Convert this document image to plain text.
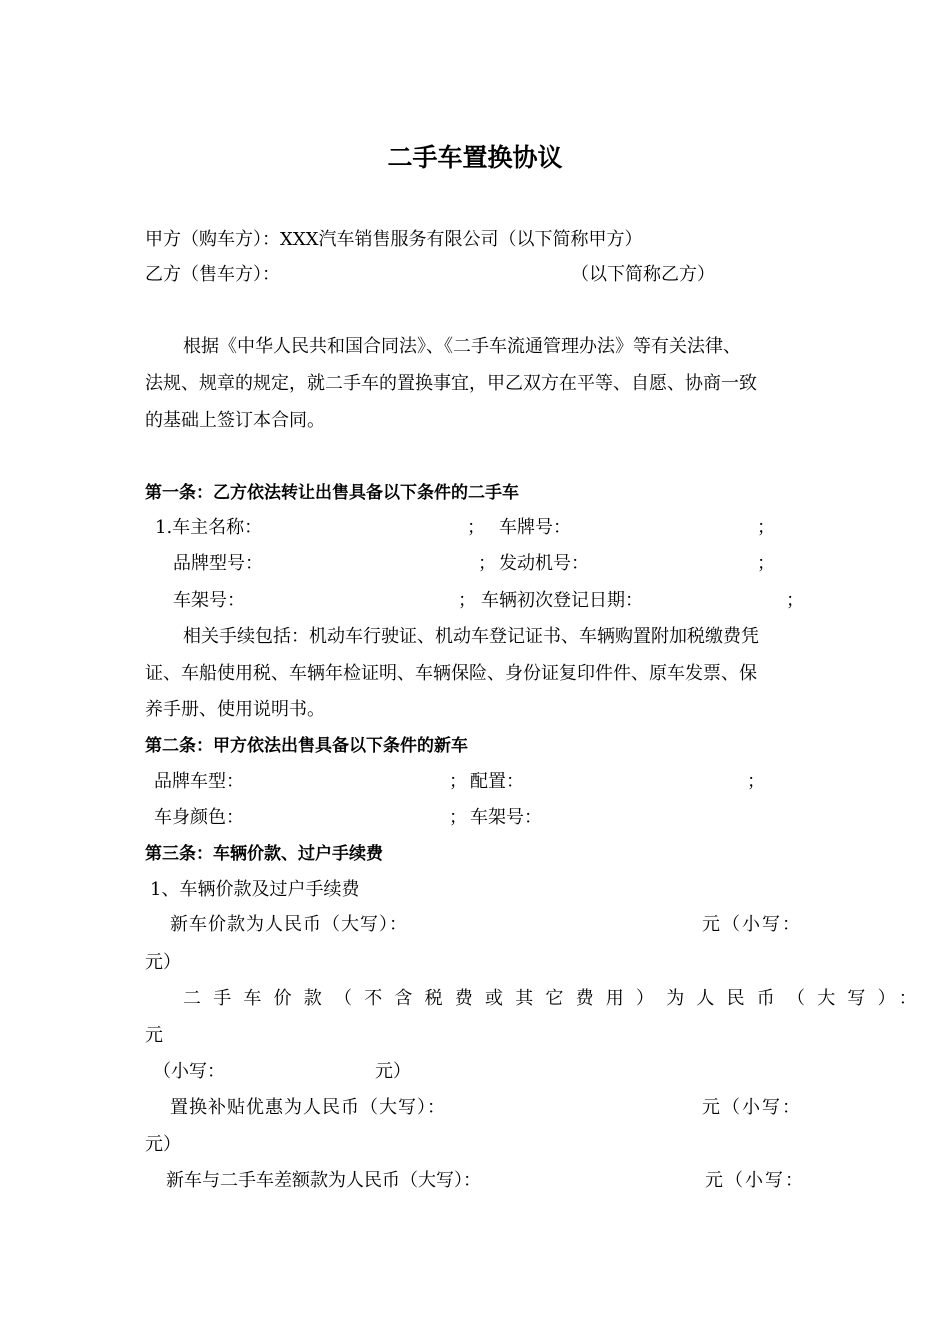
二手车置换协议
甲方（购车方）：XXX汽车销售服务有限公司（以下简称甲方）
乙方（售车方）：	（以下简称乙方）
根据《中华人民共和国合同法》、《二手车流通管理办法》等有关法律、
法规、规章的规定，就二手车的置换事宜，甲乙双方在平等、自愿、协商一致
的基础上签订本合同。
第一条：乙方依法转让出售具备以下条件的二手车
1.车主名称：	； 车牌号：	；
品牌型号：	； 发动机号：	；
车架号：	； 车辆初次登记日期：	；
相关手续包括：机动车行驶证、机动车登记证书、车辆购置附加税缴费凭
证、车船使用税、车辆年检证明、车辆保险、身份证复印件件、原车发票、保
养手册、使用说明书。
第二条：甲方依法出售具备以下条件的新车
品牌车型：	； 配置：	；
车身颜色：	； 车架号：
第三条：车辆价款、过户手续费
1、车辆价款及过户手续费
新车价款为人民币（大写）：	元（小写：
元）
二手车价款（不含税费或其它费用）为人民币（大写）：
元
（小写：	元）
置换补贴优惠为人民币（大写）：	元（小写：
元）
新车与二手车差额款为人民币（大写）：	元（小写：
